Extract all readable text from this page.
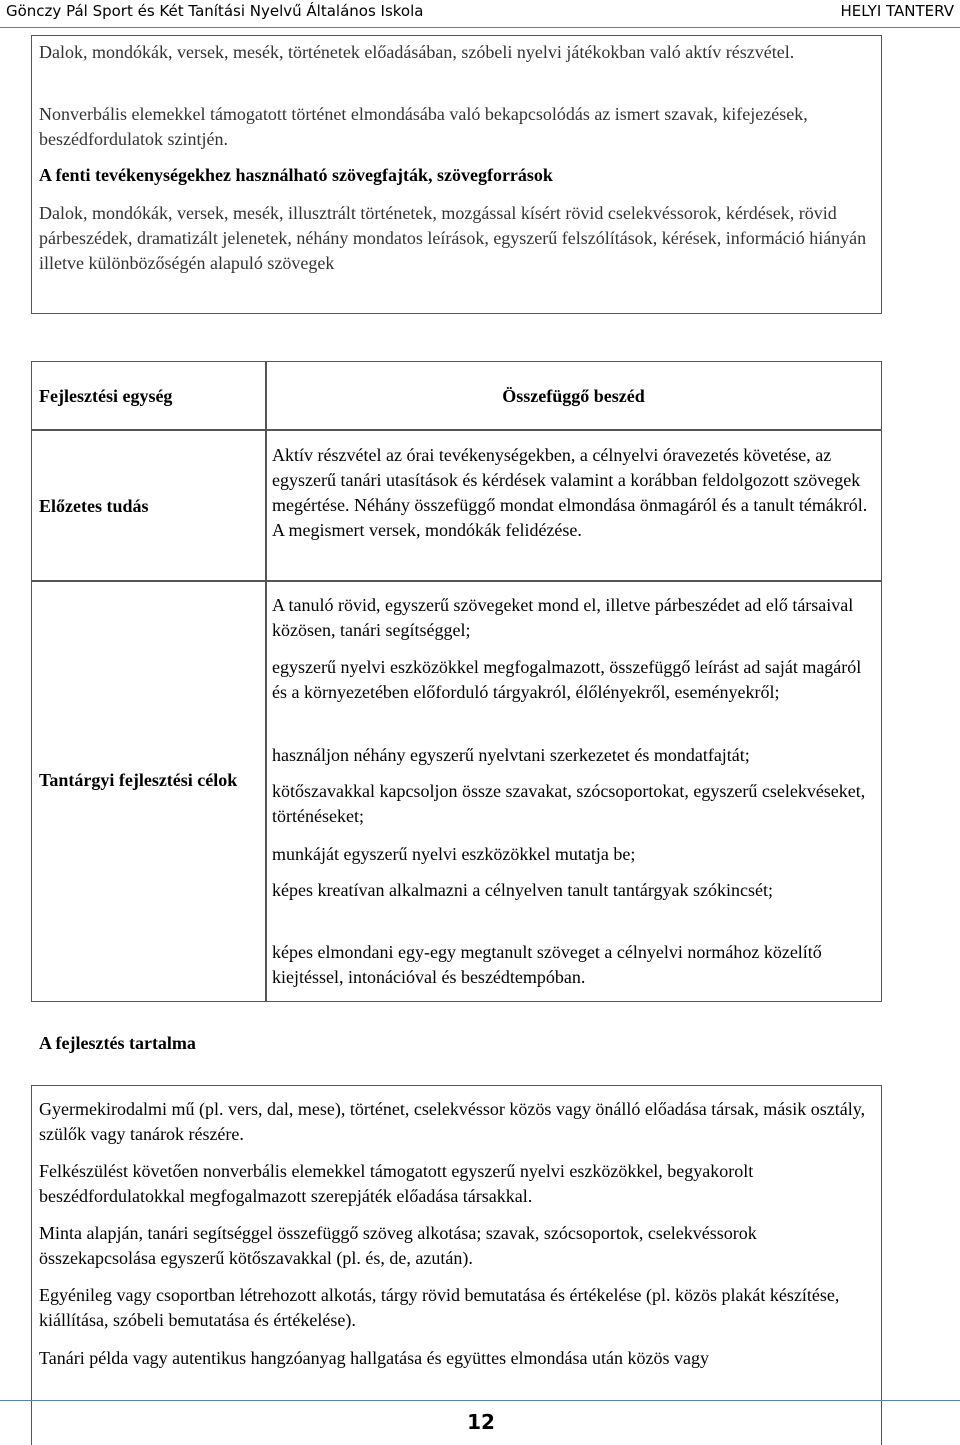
Gönczy Pál Sport és Két Tanítási Nyelvű Általános Iskola	HELYI TANTERV

Dalok, mondókák, versek, mesék, történetek előadásában, szóbeli nyelvi játékokban való aktív részvétel.

Nonverbális elemekkel támogatott történet elmondásába való bekapcsolódás az ismert szavak, kifejezések, beszédfordulatok szintjén.

A fenti tevékenységekhez használható szövegfajták, szövegforrások

Dalok, mondókák, versek, mesék, illusztrált történetek, mozgással kísért rövid cselekvéssorok, kérdések, rövid párbeszédek, dramatizált jelenetek, néhány mondatos leírások, egyszerű felszólítások, kérések, információ hiányán illetve különbözőségén alapuló szövegek

Fejlesztési egység	Összefüggő beszéd

Előzetes tudás

Aktív részvétel az órai tevékenységekben, a célnyelvi óravezetés követése, az egyszerű tanári utasítások és kérdések valamint a korábban feldolgozott szövegek megértése. Néhány összefüggő mondat elmondása önmagáról és a tanult témákról. A megismert versek, mondókák felidézése.

Tantárgyi fejlesztési célok

A tanuló rövid, egyszerű szövegeket mond el, illetve párbeszédet ad elő társaival közösen, tanári segítséggel;

egyszerű nyelvi eszközökkel megfogalmazott, összefüggő leírást ad saját magáról és a környezetében előforduló tárgyakról, élőlényekről, eseményekről;

használjon néhány egyszerű nyelvtani szerkezetet és mondatfajtát;

kötőszavakkal kapcsoljon össze szavakat, szócsoportokat, egyszerű cselekvéseket, történéseket;

munkáját egyszerű nyelvi eszközökkel mutatja be;

képes kreatívan alkalmazni a célnyelven tanult tantárgyak szókincsét;

képes elmondani egy-egy megtanult szöveget a célnyelvi normához közelítő kiejtéssel, intonációval és beszédtempóban.

A fejlesztés tartalma

Gyermekirodalmi mű (pl. vers, dal, mese), történet, cselekvéssor közös vagy önálló előadása társak, másik osztály, szülők vagy tanárok részére.

Felkészülést követően nonverbális elemekkel támogatott egyszerű nyelvi eszközökkel, begyakorolt beszédfordulatokkal megfogalmazott szerepjáték előadása társakkal.

Minta alapján, tanári segítséggel összefüggő szöveg alkotása; szavak, szócsoportok, cselekvéssorok összekapcsolása egyszerű kötőszavakkal (pl. és, de, azután).

Egyénileg vagy csoportban létrehozott alkotás, tárgy rövid bemutatása és értékelése (pl. közös plakát készítése, kiállítása, szóbeli bemutatása és értékelése).

Tanári példa vagy autentikus hangzóanyag hallgatása és együttes elmondása után közös vagy

12
